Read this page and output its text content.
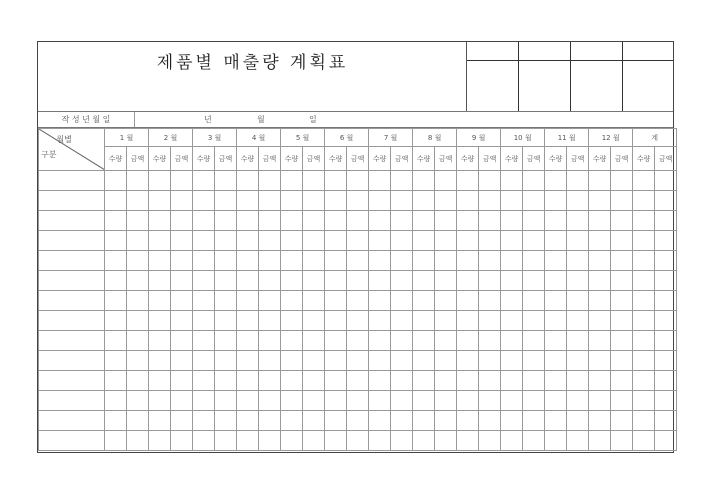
제품별 매출량 계획표
작 성 년 월 일	년	월	일
월별
구분	1 월		2 월		3 월		4 월		5 월		6 월		7 월		8 월		9 월		10 월		11 월		12 월		계	
	수량	금액	수량	금액	수량	금액	수량	금액	수량	금액	수량	금액	수량	금액	수량	금액	수량	금액	수량	금액	수량	금액	수량	금액	수량	금액
